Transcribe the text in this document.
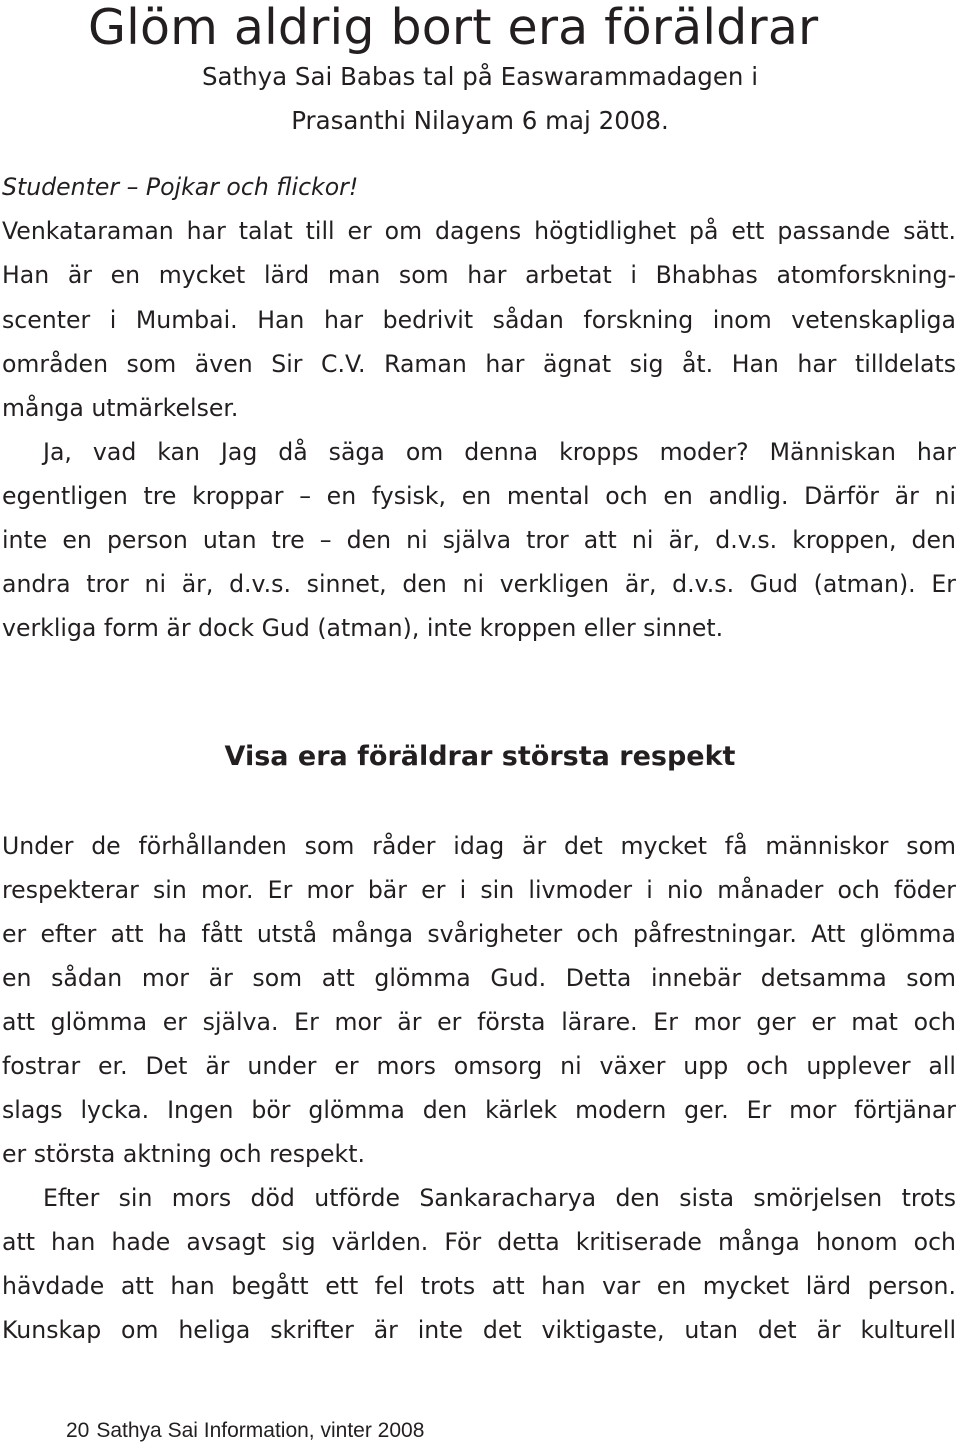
Glöm aldrig bort era föräldrar
Sathya Sai Babas tal på Easwarammadagen i
Prasanthi Nilayam 6 maj 2008.
Studenter – Pojkar och flickor!
Venkataraman har talat till er om dagens högtidlighet på ett passande sätt.
Han är en mycket lärd man som har arbetat i Bhabhas atomforskning-
scenter i Mumbai. Han har bedrivit sådan forskning inom vetenskapliga
områden som även Sir C.V. Raman har ägnat sig åt. Han har tilldelats
många utmärkelser.
Ja, vad kan Jag då säga om denna kropps moder? Människan har
egentligen tre kroppar – en fysisk, en mental och en andlig. Därför är ni
inte en person utan tre – den ni själva tror att ni är, d.v.s. kroppen, den
andra tror ni är, d.v.s. sinnet, den ni verkligen är, d.v.s. Gud (atman). Er
verkliga form är dock Gud (atman), inte kroppen eller sinnet.
Visa era föräldrar största respekt
Under de förhållanden som råder idag är det mycket få människor som
respekterar sin mor. Er mor bär er i sin livmoder i nio månader och föder
er efter att ha fått utstå många svårigheter och påfrestningar. Att glömma
en sådan mor är som att glömma Gud. Detta innebär detsamma som
att glömma er själva. Er mor är er första lärare. Er mor ger er mat och
fostrar er. Det är under er mors omsorg ni växer upp och upplever all
slags lycka. Ingen bör glömma den kärlek modern ger. Er mor förtjänar
er största aktning och respekt.
Efter sin mors död utförde Sankaracharya den sista smörjelsen trots
att han hade avsagt sig världen. För detta kritiserade många honom och
hävdade att han begått ett fel trots att han var en mycket lärd person.
Kunskap om heliga skrifter är inte det viktigaste, utan det är kulturell
20 Sathya Sai Information, vinter 2008
